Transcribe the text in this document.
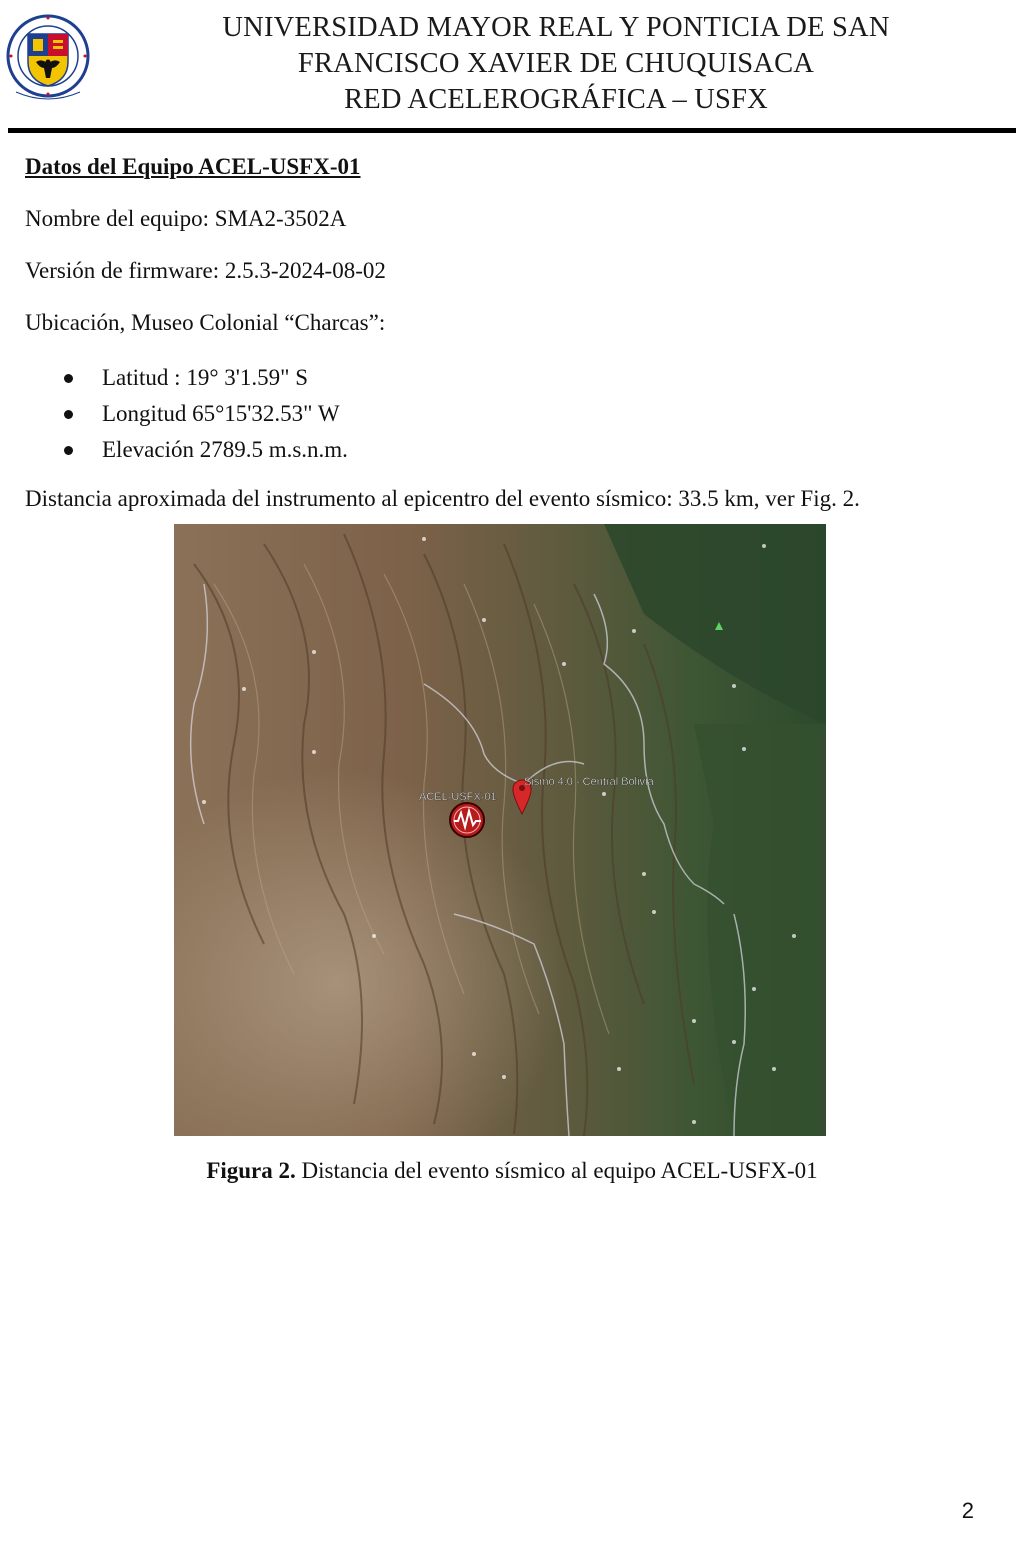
UNIVERSIDAD MAYOR REAL Y PONTICIA DE SAN
FRANCISCO XAVIER DE CHUQUISACA
RED ACELEROGRÁFICA – USFX
Datos del Equipo ACEL-USFX-01
Nombre del equipo: SMA2-3502A
Versión de firmware: 2.5.3-2024-08-02
Ubicación, Museo Colonial “Charcas”:
Latitud : 19° 3'1.59" S
Longitud 65°15'32.53" W
Elevación 2789.5 m.s.n.m.
Distancia aproximada del instrumento al epicentro del evento sísmico: 33.5 km, ver Fig. 2.
Sismo 4.0 - Central Bolivia
ACEL-USFX-01
Figura 2. Distancia del evento sísmico al equipo ACEL-USFX-01
2
